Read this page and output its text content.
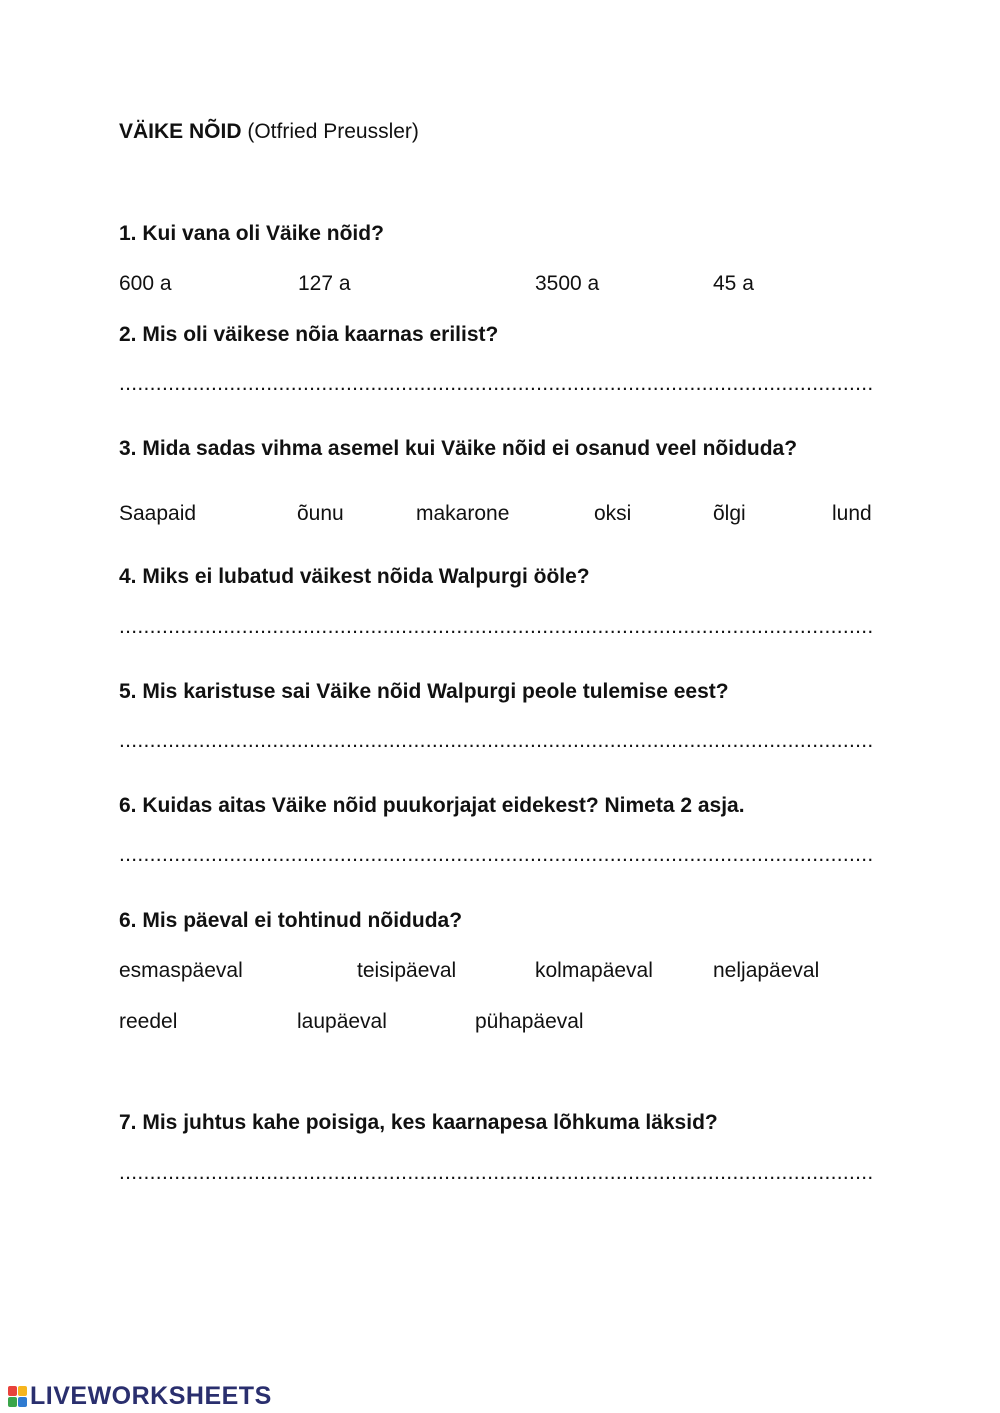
VÄIKE NÕID (Otfried Preussler)
1. Kui vana oli Väike nõid?
600 a	127 a	3500 a	45 a
2. Mis oli väikese nõia kaarnas erilist?
...........................................................................................................................
3. Mida sadas vihma asemel kui Väike nõid ei osanud veel nõiduda?
Saapaid	õunu	makarone	oksi	õlgi	lund
4. Miks ei lubatud väikest nõida Walpurgi ööle?
...........................................................................................................................
5. Mis karistuse sai Väike nõid Walpurgi peole tulemise eest?
...........................................................................................................................
6. Kuidas aitas Väike nõid puukorjajat eidekest? Nimeta 2 asja.
...........................................................................................................................
6. Mis päeval ei tohtinud nõiduda?
esmaspäeval	teisipäeval	kolmapäeval	neljapäeval
reedel	laupäeval	pühapäeval
7. Mis juhtus kahe poisiga, kes kaarnapesa lõhkuma läksid?
...........................................................................................................................
LIVEWORKSHEETS
